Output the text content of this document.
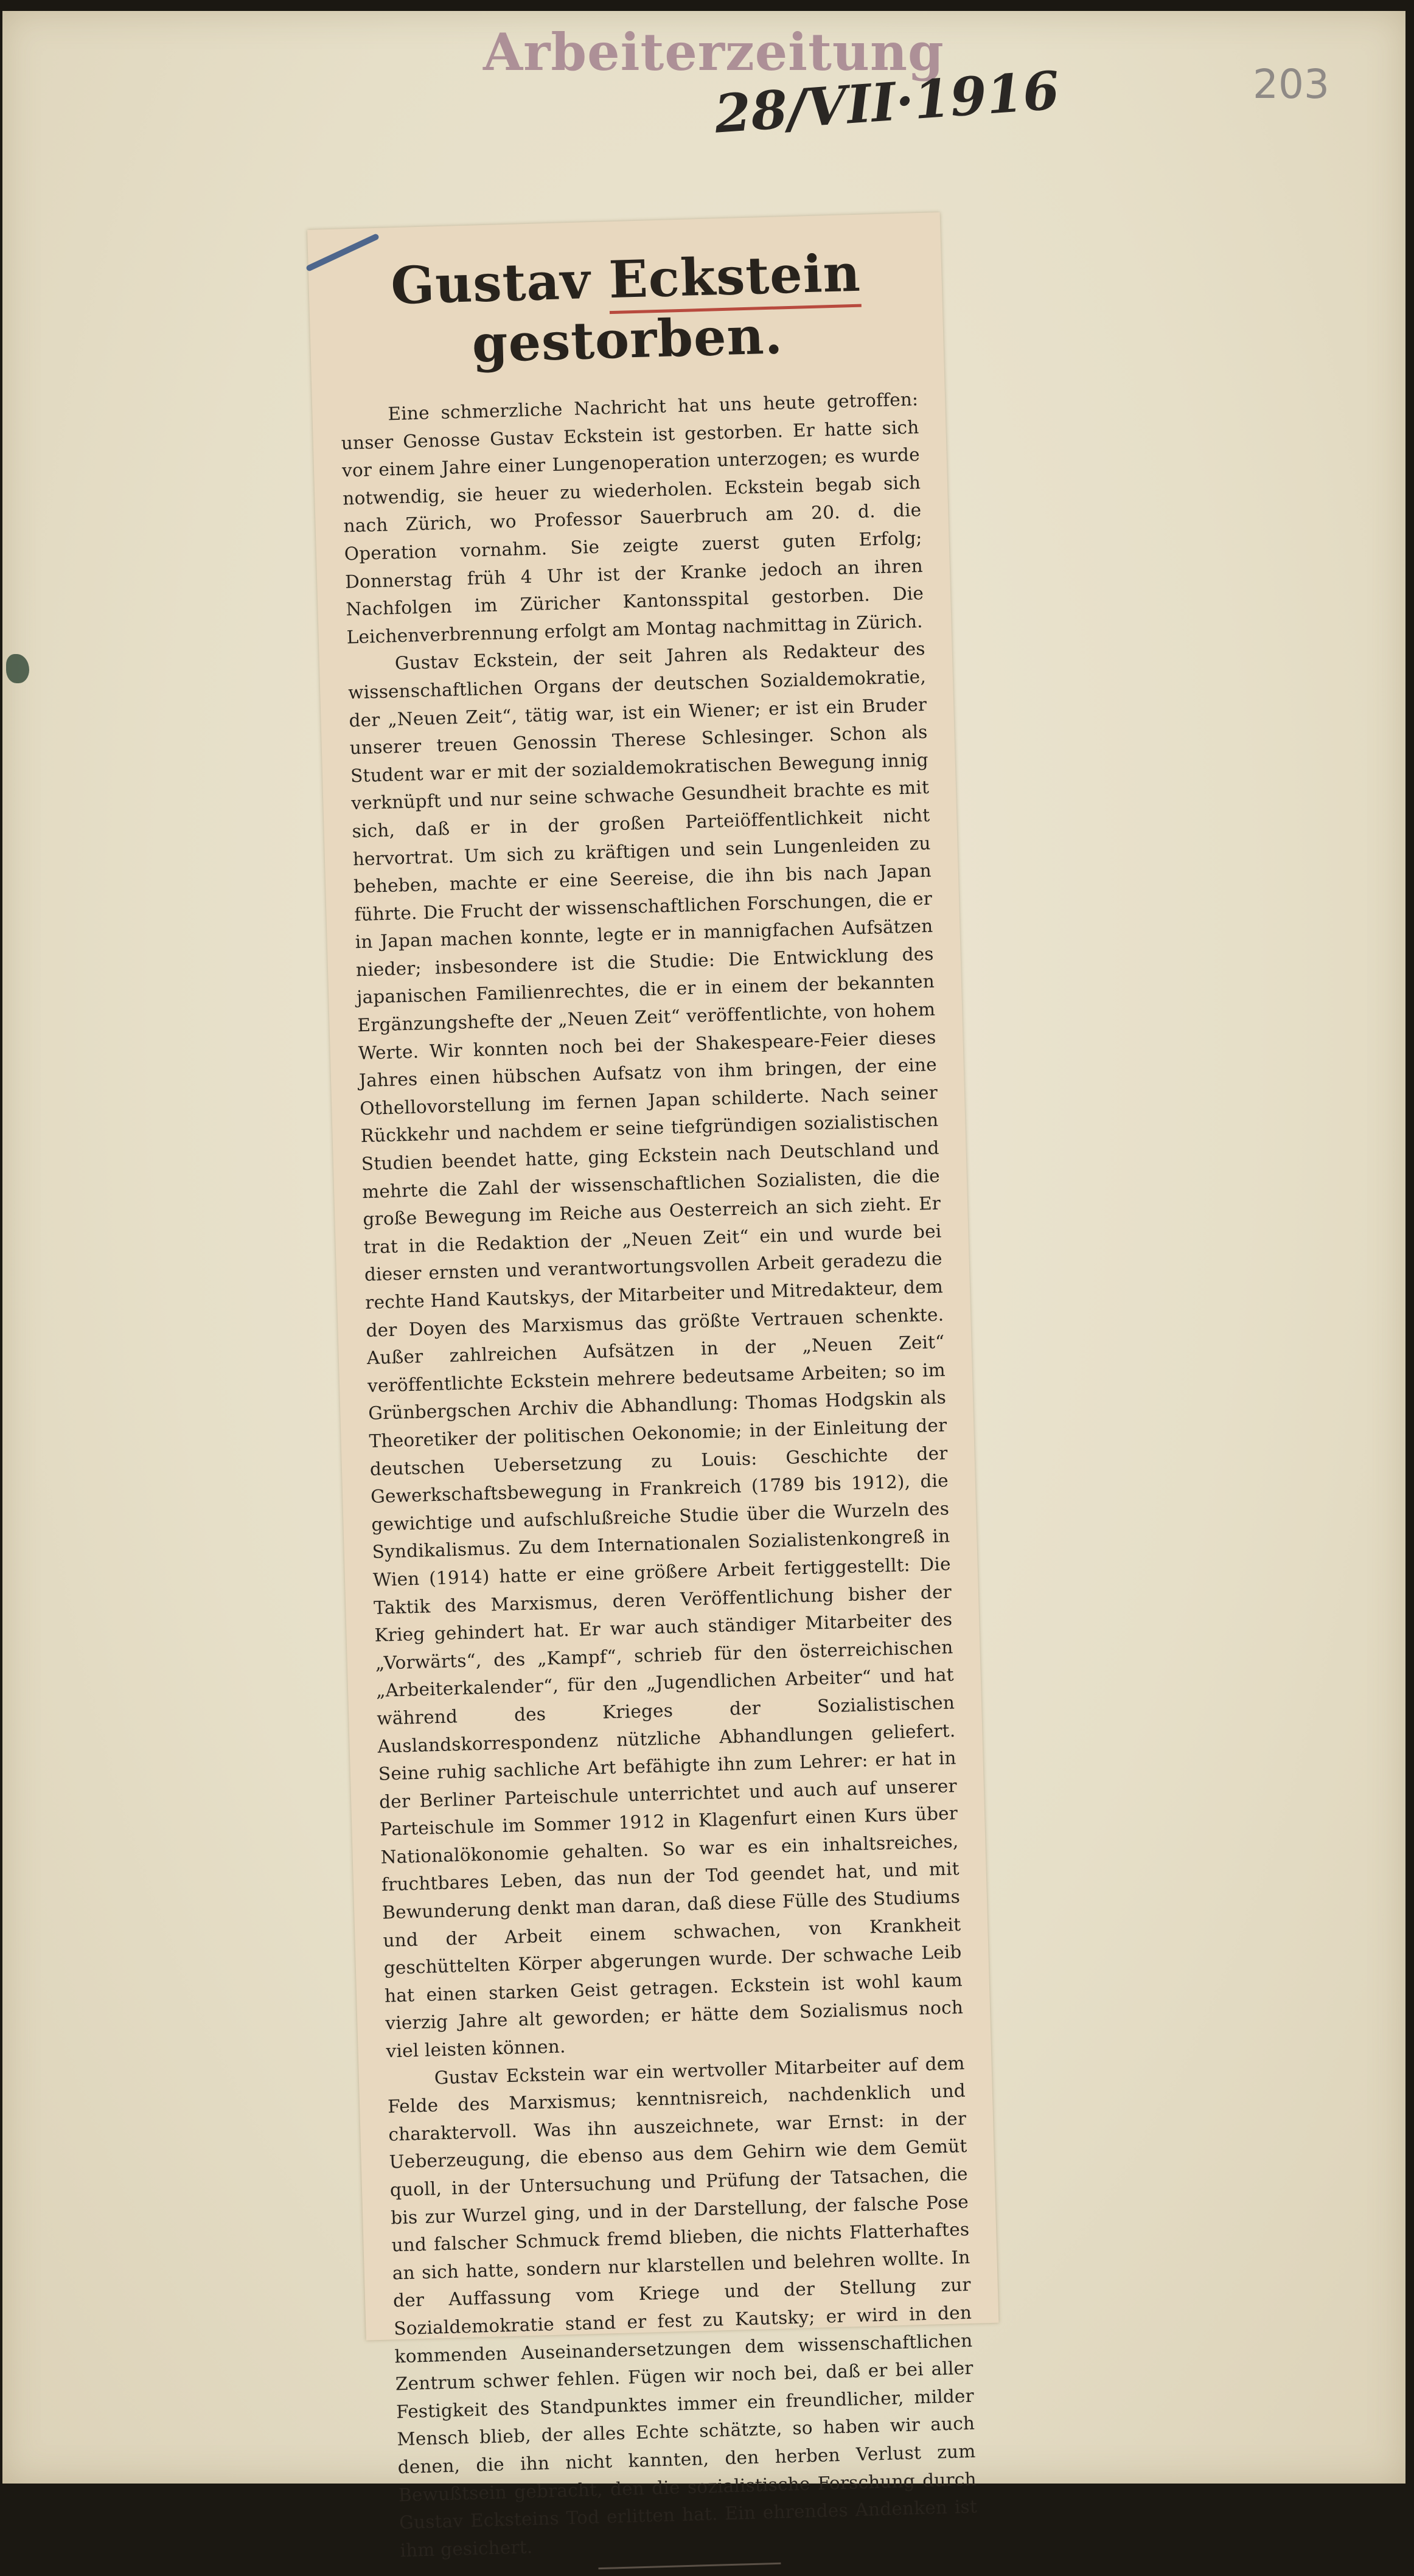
Arbeiterzeitung
28/VII·1916	203
Gustav Eckstein gestorben.

Eine schmerzliche Nachricht hat uns heute getroffen: unser Genosse Gustav Eckstein ist gestorben. Er hatte sich vor einem Jahre einer Lungenoperation unterzogen; es wurde notwendig, sie heuer zu wiederholen. Eckstein begab sich nach Zürich, wo Professor Sauerbruch am 20. d. die Operation vornahm. Sie zeigte zuerst guten Erfolg; Donnerstag früh 4 Uhr ist der Kranke jedoch an ihren Nachfolgen im Züricher Kantonsspital gestorben. Die Leichenverbrennung erfolgt am Montag nachmittag in Zürich.

Gustav Eckstein, der seit Jahren als Redakteur des wissenschaftlichen Organs der deutschen Sozialdemokratie, der „Neuen Zeit“, tätig war, ist ein Wiener; er ist ein Bruder unserer treuen Genossin Therese Schlesinger. Schon als Student war er mit der sozialdemokratischen Bewegung innig verknüpft und nur seine schwache Gesundheit brachte es mit sich, daß er in der großen Parteiöffentlichkeit nicht hervortrat. Um sich zu kräftigen und sein Lungenleiden zu beheben, machte er eine Seereise, die ihn bis nach Japan führte. Die Frucht der wissenschaftlichen Forschungen, die er in Japan machen konnte, legte er in mannigfachen Aufsätzen nieder; insbesondere ist die Studie: Die Entwicklung des japanischen Familienrechtes, die er in einem der bekannten Ergänzungshefte der „Neuen Zeit“ veröffentlichte, von hohem Werte. Wir konnten noch bei der Shakespeare-Feier dieses Jahres einen hübschen Aufsatz von ihm bringen, der eine Othellovorstellung im fernen Japan schilderte. Nach seiner Rückkehr und nachdem er seine tiefgründigen sozialistischen Studien beendet hatte, ging Eckstein nach Deutschland und mehrte die Zahl der wissenschaftlichen Sozialisten, die die große Bewegung im Reiche aus Oesterreich an sich zieht. Er trat in die Redaktion der „Neuen Zeit“ ein und wurde bei dieser ernsten und verantwortungsvollen Arbeit geradezu die rechte Hand Kautskys, der Mitarbeiter und Mitredakteur, dem der Doyen des Marxismus das größte Vertrauen schenkte. Außer zahlreichen Aufsätzen in der „Neuen Zeit“ veröffentlichte Eckstein mehrere bedeutsame Arbeiten; so im Grünbergschen Archiv die Abhandlung: Thomas Hodgskin als Theoretiker der politischen Oekonomie; in der Einleitung der deutschen Uebersetzung zu Louis: Geschichte der Gewerkschaftsbewegung in Frankreich (1789 bis 1912), die gewichtige und aufschlußreiche Studie über die Wurzeln des Syndikalismus. Zu dem Internationalen Sozialistenkongreß in Wien (1914) hatte er eine größere Arbeit fertiggestellt: Die Taktik des Marxismus, deren Veröffentlichung bisher der Krieg gehindert hat. Er war auch ständiger Mitarbeiter des „Vorwärts“, des „Kampf“, schrieb für den österreichischen „Arbeiterkalender“, für den „Jugendlichen Arbeiter“ und hat während des Krieges der Sozialistischen Auslandskorrespondenz nützliche Abhandlungen geliefert. Seine ruhig sachliche Art befähigte ihn zum Lehrer: er hat in der Berliner Parteischule unterrichtet und auch auf unserer Parteischule im Sommer 1912 in Klagenfurt einen Kurs über Nationalökonomie gehalten. So war es ein inhaltsreiches, fruchtbares Leben, das nun der Tod geendet hat, und mit Bewunderung denkt man daran, daß diese Fülle des Studiums und der Arbeit einem schwachen, von Krankheit geschüttelten Körper abgerungen wurde. Der schwache Leib hat einen starken Geist getragen. Eckstein ist wohl kaum vierzig Jahre alt geworden; er hätte dem Sozialismus noch viel leisten können.

Gustav Eckstein war ein wertvoller Mitarbeiter auf dem Felde des Marxismus; kenntnisreich, nachdenklich und charaktervoll. Was ihn auszeichnete, war Ernst: in der Ueberzeugung, die ebenso aus dem Gehirn wie dem Gemüt quoll, in der Untersuchung und Prüfung der Tatsachen, die bis zur Wurzel ging, und in der Darstellung, der falsche Pose und falscher Schmuck fremd blieben, die nichts Flatterhaftes an sich hatte, sondern nur klarstellen und belehren wollte. In der Auffassung vom Kriege und der Stellung zur Sozialdemokratie stand er fest zu Kautsky; er wird in den kommenden Auseinandersetzungen dem wissenschaftlichen Zentrum schwer fehlen. Fügen wir noch bei, daß er bei aller Festigkeit des Standpunktes immer ein freundlicher, milder Mensch blieb, der alles Echte schätzte, so haben wir auch denen, die ihn nicht kannten, den herben Verlust zum Bewußtsein gebracht, den die sozialistische Forschung durch Gustav Ecksteins Tod erlitten hat. Ein ehrendes Andenken ist ihm gesichert.
